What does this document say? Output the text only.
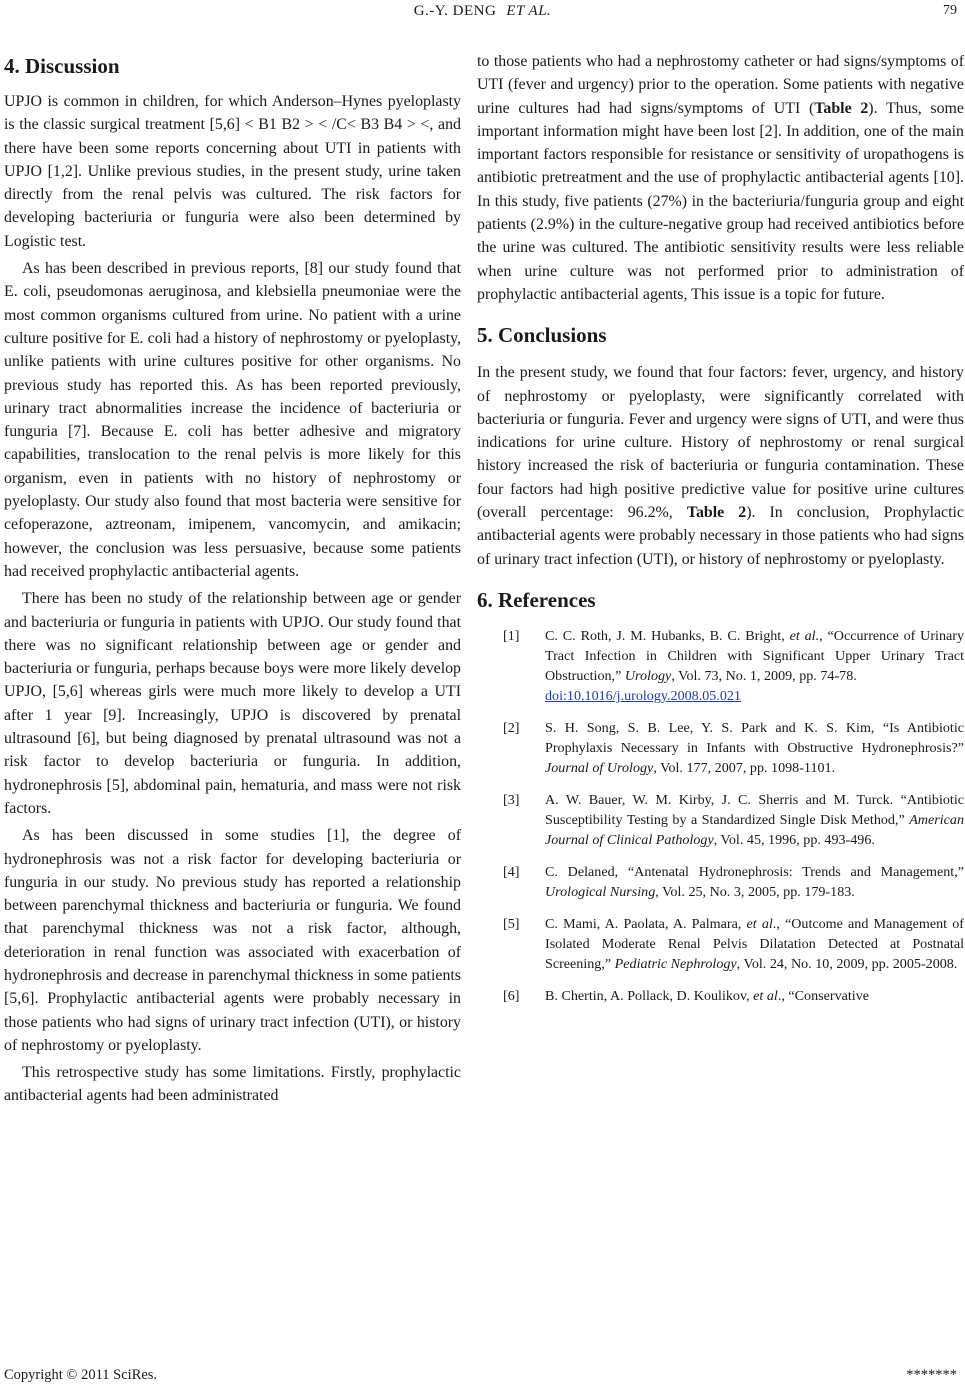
G.-Y. DENG ET AL.	79
4. Discussion

UPJO is common in children, for which Anderson–Hynes pyeloplasty is the classic surgical treatment [5,6] < B1 B2 > < /C< B3 B4 > <, and there have been some reports concerning about UTI in patients with UPJO [1,2]. Unlike previous studies, in the present study, urine taken directly from the renal pelvis was cultured. The risk factors for developing bacteriuria or funguria were also been determined by Logistic test.

As has been described in previous reports, [8] our study found that E. coli, pseudomonas aeruginosa, and klebsiella pneumoniae were the most common organisms cultured from urine. No patient with a urine culture positive for E. coli had a history of nephrostomy or pyeloplasty, unlike patients with urine cultures positive for other organisms. No previous study has reported this. As has been reported previously, urinary tract abnormalities increase the incidence of bacteriuria or funguria [7]. Because E. coli has better adhesive and migratory capabilities, translocation to the renal pelvis is more likely for this organism, even in patients with no history of nephrostomy or pyeloplasty. Our study also found that most bacteria were sensitive for cefoperazone, aztreonam, imipenem, vancomycin, and amikacin; however, the conclusion was less persuasive, because some patients had received prophylactic antibacterial agents.

There has been no study of the relationship between age or gender and bacteriuria or funguria in patients with UPJO. Our study found that there was no significant relationship between age or gender and bacteriuria or funguria, perhaps because boys were more likely develop UPJO, [5,6] whereas girls were much more likely to develop a UTI after 1 year [9]. Increasingly, UPJO is discovered by prenatal ultrasound [6], but being diagnosed by prenatal ultrasound was not a risk factor to develop bacteriuria or funguria. In addition, hydronephrosis [5], abdominal pain, hematuria, and mass were not risk factors.

As has been discussed in some studies [1], the degree of hydronephrosis was not a risk factor for developing bacteriuria or funguria in our study. No previous study has reported a relationship between parenchymal thickness and bacteriuria or funguria. We found that parenchymal thickness was not a risk factor, although, deterioration in renal function was associated with exacerbation of hydronephrosis and decrease in parenchymal thickness in some patients [5,6]. Prophylactic antibacterial agents were probably necessary in those patients who had signs of urinary tract infection (UTI), or history of nephrostomy or pyeloplasty.

This retrospective study has some limitations. Firstly, prophylactic antibacterial agents had been administrated

to those patients who had a nephrostomy catheter or had signs/symptoms of UTI (fever and urgency) prior to the operation. Some patients with negative urine cultures had had signs/symptoms of UTI (Table 2). Thus, some important information might have been lost [2]. In addition, one of the main important factors responsible for resistance or sensitivity of uropathogens is antibiotic pretreatment and the use of prophylactic antibacterial agents [10]. In this study, five patients (27%) in the bacteriuria/funguria group and eight patients (2.9%) in the culture-negative group had received antibiotics before the urine was cultured. The antibiotic sensitivity results were less reliable when urine culture was not performed prior to administration of prophylactic antibacterial agents, This issue is a topic for future.

5. Conclusions

In the present study, we found that four factors: fever, urgency, and history of nephrostomy or pyeloplasty, were significantly correlated with bacteriuria or funguria. Fever and urgency were signs of UTI, and were thus indications for urine culture. History of nephrostomy or renal surgical history increased the risk of bacteriuria or funguria contamination. These four factors had high positive predictive value for positive urine cultures (overall percentage: 96.2%, Table 2). In conclusion, Prophylactic antibacterial agents were probably necessary in those patients who had signs of urinary tract infection (UTI), or history of nephrostomy or pyeloplasty.

6. References
[1] C. C. Roth, J. M. Hubanks, B. C. Bright, et al., “Occurrence of Urinary Tract Infection in Children with Significant Upper Urinary Tract Obstruction,” Urology, Vol. 73, No. 1, 2009, pp. 74-78.
doi:10.1016/j.urology.2008.05.021
[2] S. H. Song, S. B. Lee, Y. S. Park and K. S. Kim, “Is Antibiotic Prophylaxis Necessary in Infants with Obstructive Hydronephrosis?” Journal of Urology, Vol. 177, 2007, pp. 1098-1101.
[3] A. W. Bauer, W. M. Kirby, J. C. Sherris and M. Turck. “Antibiotic Susceptibility Testing by a Standardized Single Disk Method,” American Journal of Clinical Pathology, Vol. 45, 1996, pp. 493-496.
[4] C. Delaned, “Antenatal Hydronephrosis: Trends and Management,” Urological Nursing, Vol. 25, No. 3, 2005, pp. 179-183.
[5] C. Mami, A. Paolata, A. Palmara, et al., “Outcome and Management of Isolated Moderate Renal Pelvis Dilatation Detected at Postnatal Screening,” Pediatric Nephrology, Vol. 24, No. 10, 2009, pp. 2005-2008.
[6] B. Chertin, A. Pollack, D. Koulikov, et al., “Conservative
Copyright © 2011 SciRes.	*******
